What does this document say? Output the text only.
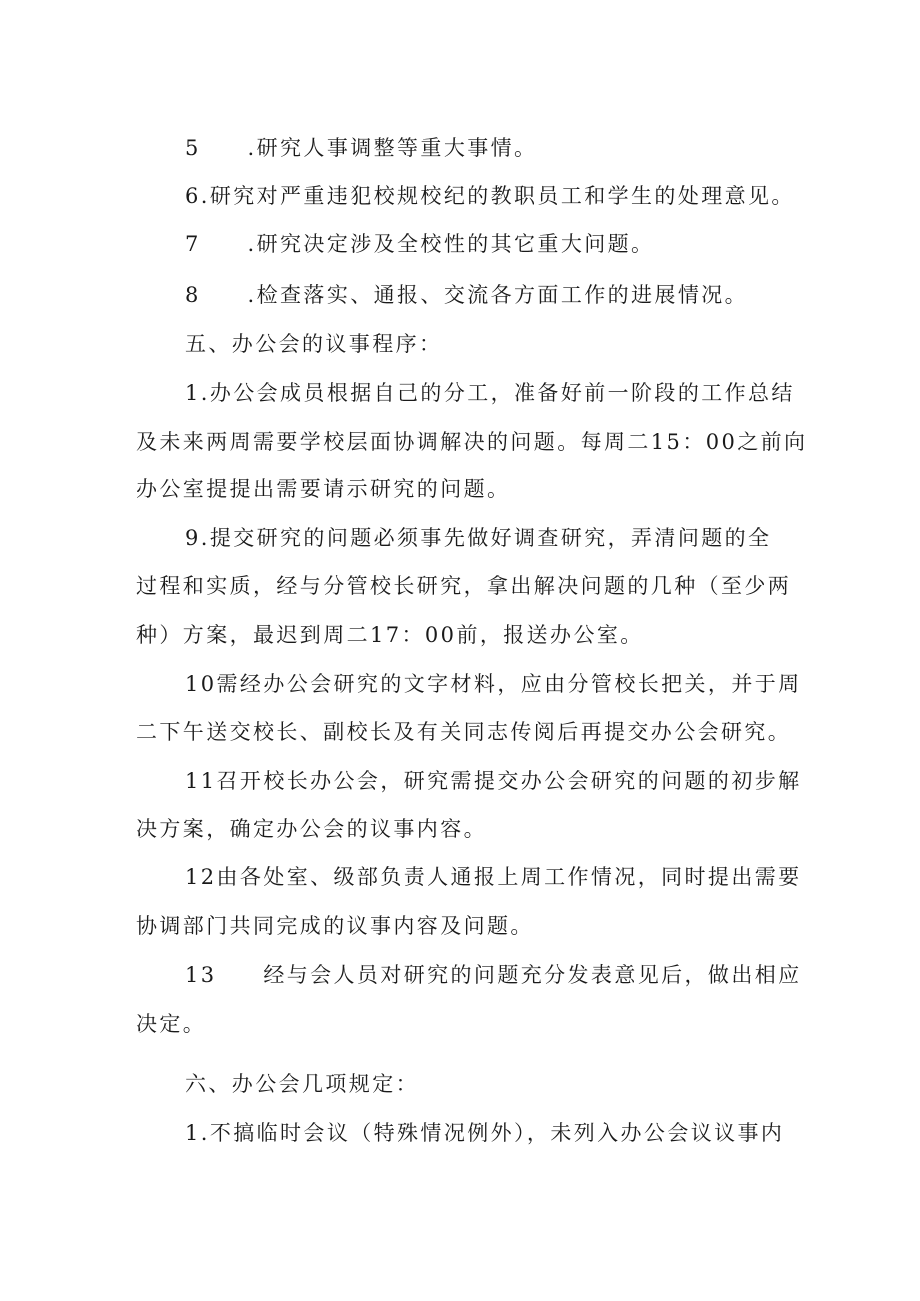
5　　.研究人事调整等重大事情。
6.研究对严重违犯校规校纪的教职员工和学生的处理意见。
7　　.研究决定涉及全校性的其它重大问题。
8　　.检查落实、通报、交流各方面工作的进展情况。
五、办公会的议事程序：
1.办公会成员根据自己的分工，准备好前一阶段的工作总结
及未来两周需要学校层面协调解决的问题。每周二15：00之前向
办公室提提出需要请示研究的问题。
9.提交研究的问题必须事先做好调查研究，弄清问题的全
过程和实质，经与分管校长研究，拿出解决问题的几种（至少两
种）方案，最迟到周二17：00前，报送办公室。
10需经办公会研究的文字材料，应由分管校长把关，并于周
二下午送交校长、副校长及有关同志传阅后再提交办公会研究。
11召开校长办公会，研究需提交办公会研究的问题的初步解
决方案，确定办公会的议事内容。
12由各处室、级部负责人通报上周工作情况，同时提出需要
协调部门共同完成的议事内容及问题。
13　　经与会人员对研究的问题充分发表意见后，做出相应
决定。
六、办公会几项规定：
1.不搞临时会议（特殊情况例外），未列入办公会议议事内
